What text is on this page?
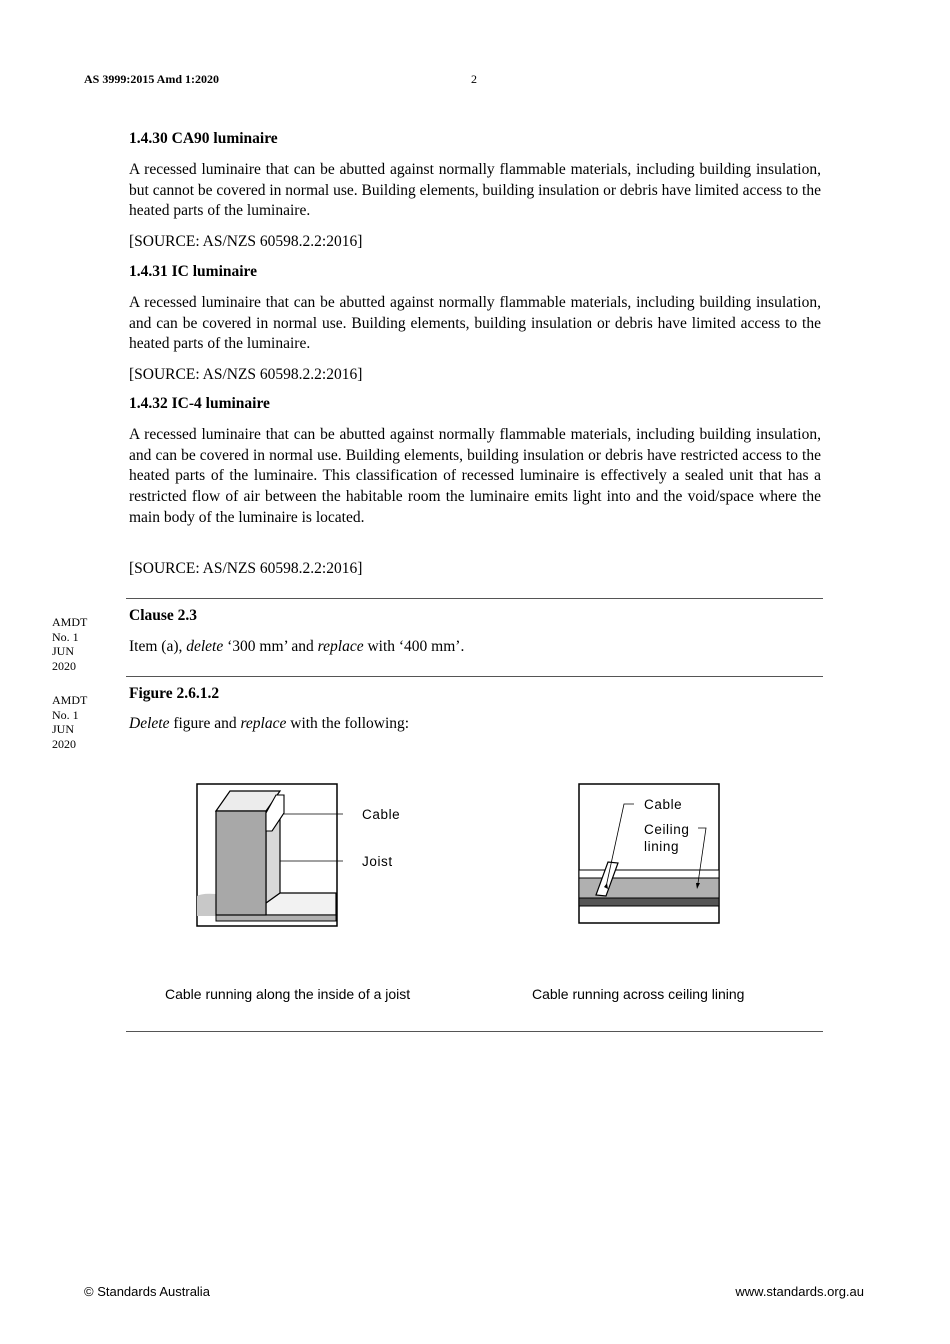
AS 3999:2015 Amd 1:2020	2
1.4.30 CA90 luminaire
A recessed luminaire that can be abutted against normally flammable materials, including building insulation, but cannot be covered in normal use. Building elements, building insulation or debris have limited access to the heated parts of the luminaire.
[SOURCE: AS/NZS 60598.2.2:2016]
1.4.31 IC luminaire
A recessed luminaire that can be abutted against normally flammable materials, including building insulation, and can be covered in normal use. Building elements, building insulation or debris have limited access to the heated parts of the luminaire.
[SOURCE: AS/NZS 60598.2.2:2016]
1.4.32 IC-4 luminaire
A recessed luminaire that can be abutted against normally flammable materials, including building insulation, and can be covered in normal use. Building elements, building insulation or debris have restricted access to the heated parts of the luminaire. This classification of recessed luminaire is effectively a sealed unit that has a restricted flow of air between the habitable room the luminaire emits light into and the void/space where the main body of the luminaire is located.
[SOURCE: AS/NZS 60598.2.2:2016]
AMDT
No. 1
JUN
2020
Clause 2.3
Item (a), delete ‘300 mm’ and replace with ‘400 mm’.
AMDT
No. 1
JUN
2020
Figure 2.6.1.2
Delete figure and replace with the following:
Cable
Joist
Cable
Ceiling
lining
Cable running along the inside of a joist	Cable running across ceiling lining
© Standards Australia	www.standards.org.au
